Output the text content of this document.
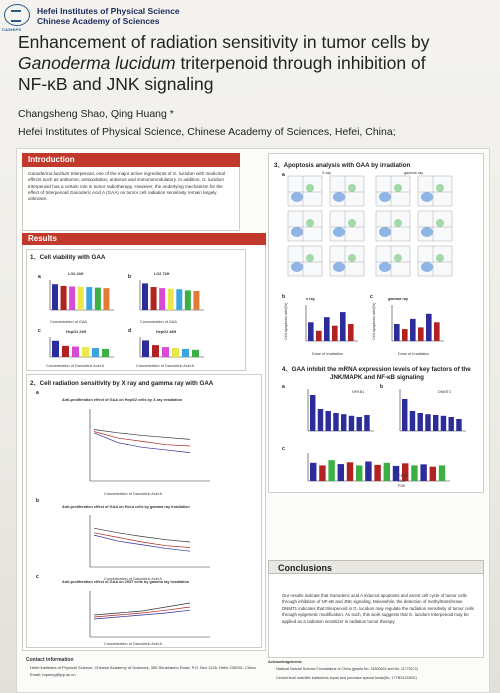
CASHIPS
Hefei Institutes of Physical Science
Chinese Academy of Sciences
Enhancement of radiation sensitivity in tumor cells by
Ganoderma lucidum triterpenoid through inhibition of
NF-κB and JNK signaling
Changsheng Shao, Qing Huang *
Hefei Institutes of Physical Science, Chinese Academy of Sciences, Hefei, China;
Introduction
Ganoderma lucidum triterpenoid, one of the major active ingredients of G. lucidum with medicinal effects such as antitumor, antioxidation, antivirus and immunomodulatory. In addition, G. lucidum triterpenoid has a certain role in tumor radiotherapy. However, the underlying mechanism for the effect of triterpenoid Ganoderic Acid A (GAA) on tumor cell radiation sensitivity remain largely unknown.
Results
1、Cell viability with GAA
a	LO2 24H
Concentration of GAA
b	LO2 72H
Concentration of GAA
c	HepG2 24H
Concentration of Ganoderic Acid A
d	HepG2 48H
Concentration of Ganoderic Acid A
2、Cell radiation sensitivity by X ray and gamma ray with GAA
a
Anti-proliferation effect of GAA on HepG2 cells by X-ray irradiation
Concentration of Ganoderic Acid A
b
Anti-proliferation effect of GAA on HeLa cells by gamma ray irradiation
Concentration of Ganoderic Acid A
c
Anti-proliferation effect of GAA on 293T cells by gamma ray irradiation
Concentration of Ganoderic Acid A
Contact information
Hefei Institutes of Physical Science, Chinese Academy of Sciences, 350 Shushanhu Road, P.O. Box 1126, Hefei 230031, China
Email: hqueng@ipp.ac.cn
3、Apoptosis analysis with GAA by irradiation
a	X-ray	gamma ray
b	x ray
Dose of Irradiation
Cell apoptosis rate(%)
c	gamma ray
Dose of Irradiation
Cell apoptosis rate(%)
4、GAA inhibit the mRNA expression levels of key factors of the
JNK/MAPK and NF-κB signaling
a
NFKB1
b
DNMT1
c
CREB
JNK
P38
Conclusions
Our results indicate that Ganoderic acid A induced apoptosis and arrest cell cycle of tumor cells through inhibition of NF-κB and JNK signaling. Meanwhile, the detection of methyltransferase DNMT1 indicates that triterpenoid in G. lucidum may regulate the radiation sensitivity of tumor cells through epigenetic modification. As such, this work suggests that G. lucidum triterpenoid may be applied as a radiation sensitizer in radiation tumor therapy.
Acknowledgements
National Natural Science Foundations of China (grants No. 31600624 and No. 11775272)
Central level scientific institutions repair and purchase special funds(No. 17YBS1133BG)
